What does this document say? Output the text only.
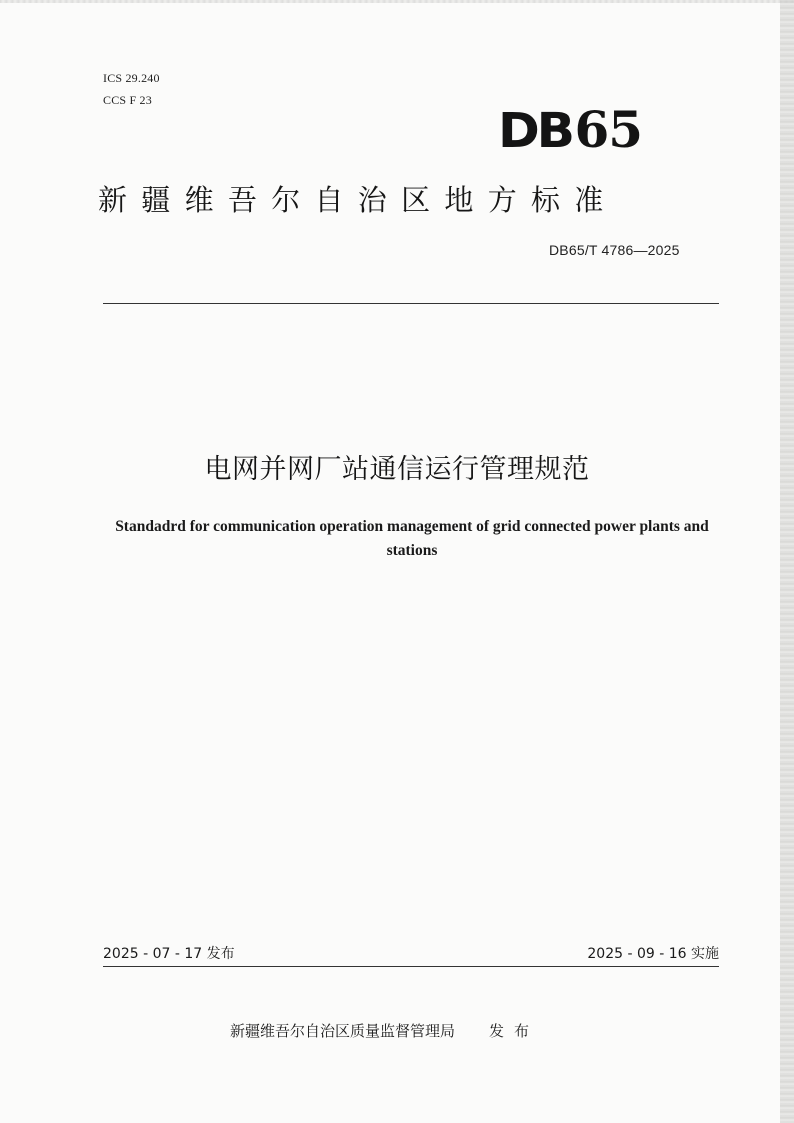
ICS 29.240
CCS F 23
DB65
新疆维吾尔自治区地方标准
DB65/T 4786—2025
电网并网厂站通信运行管理规范
Standadrd for communication operation management of grid connected power plants and stations
2025 - 07 - 17 发布	2025 - 09 - 16 实施
新疆维吾尔自治区质量监督管理局 发布
